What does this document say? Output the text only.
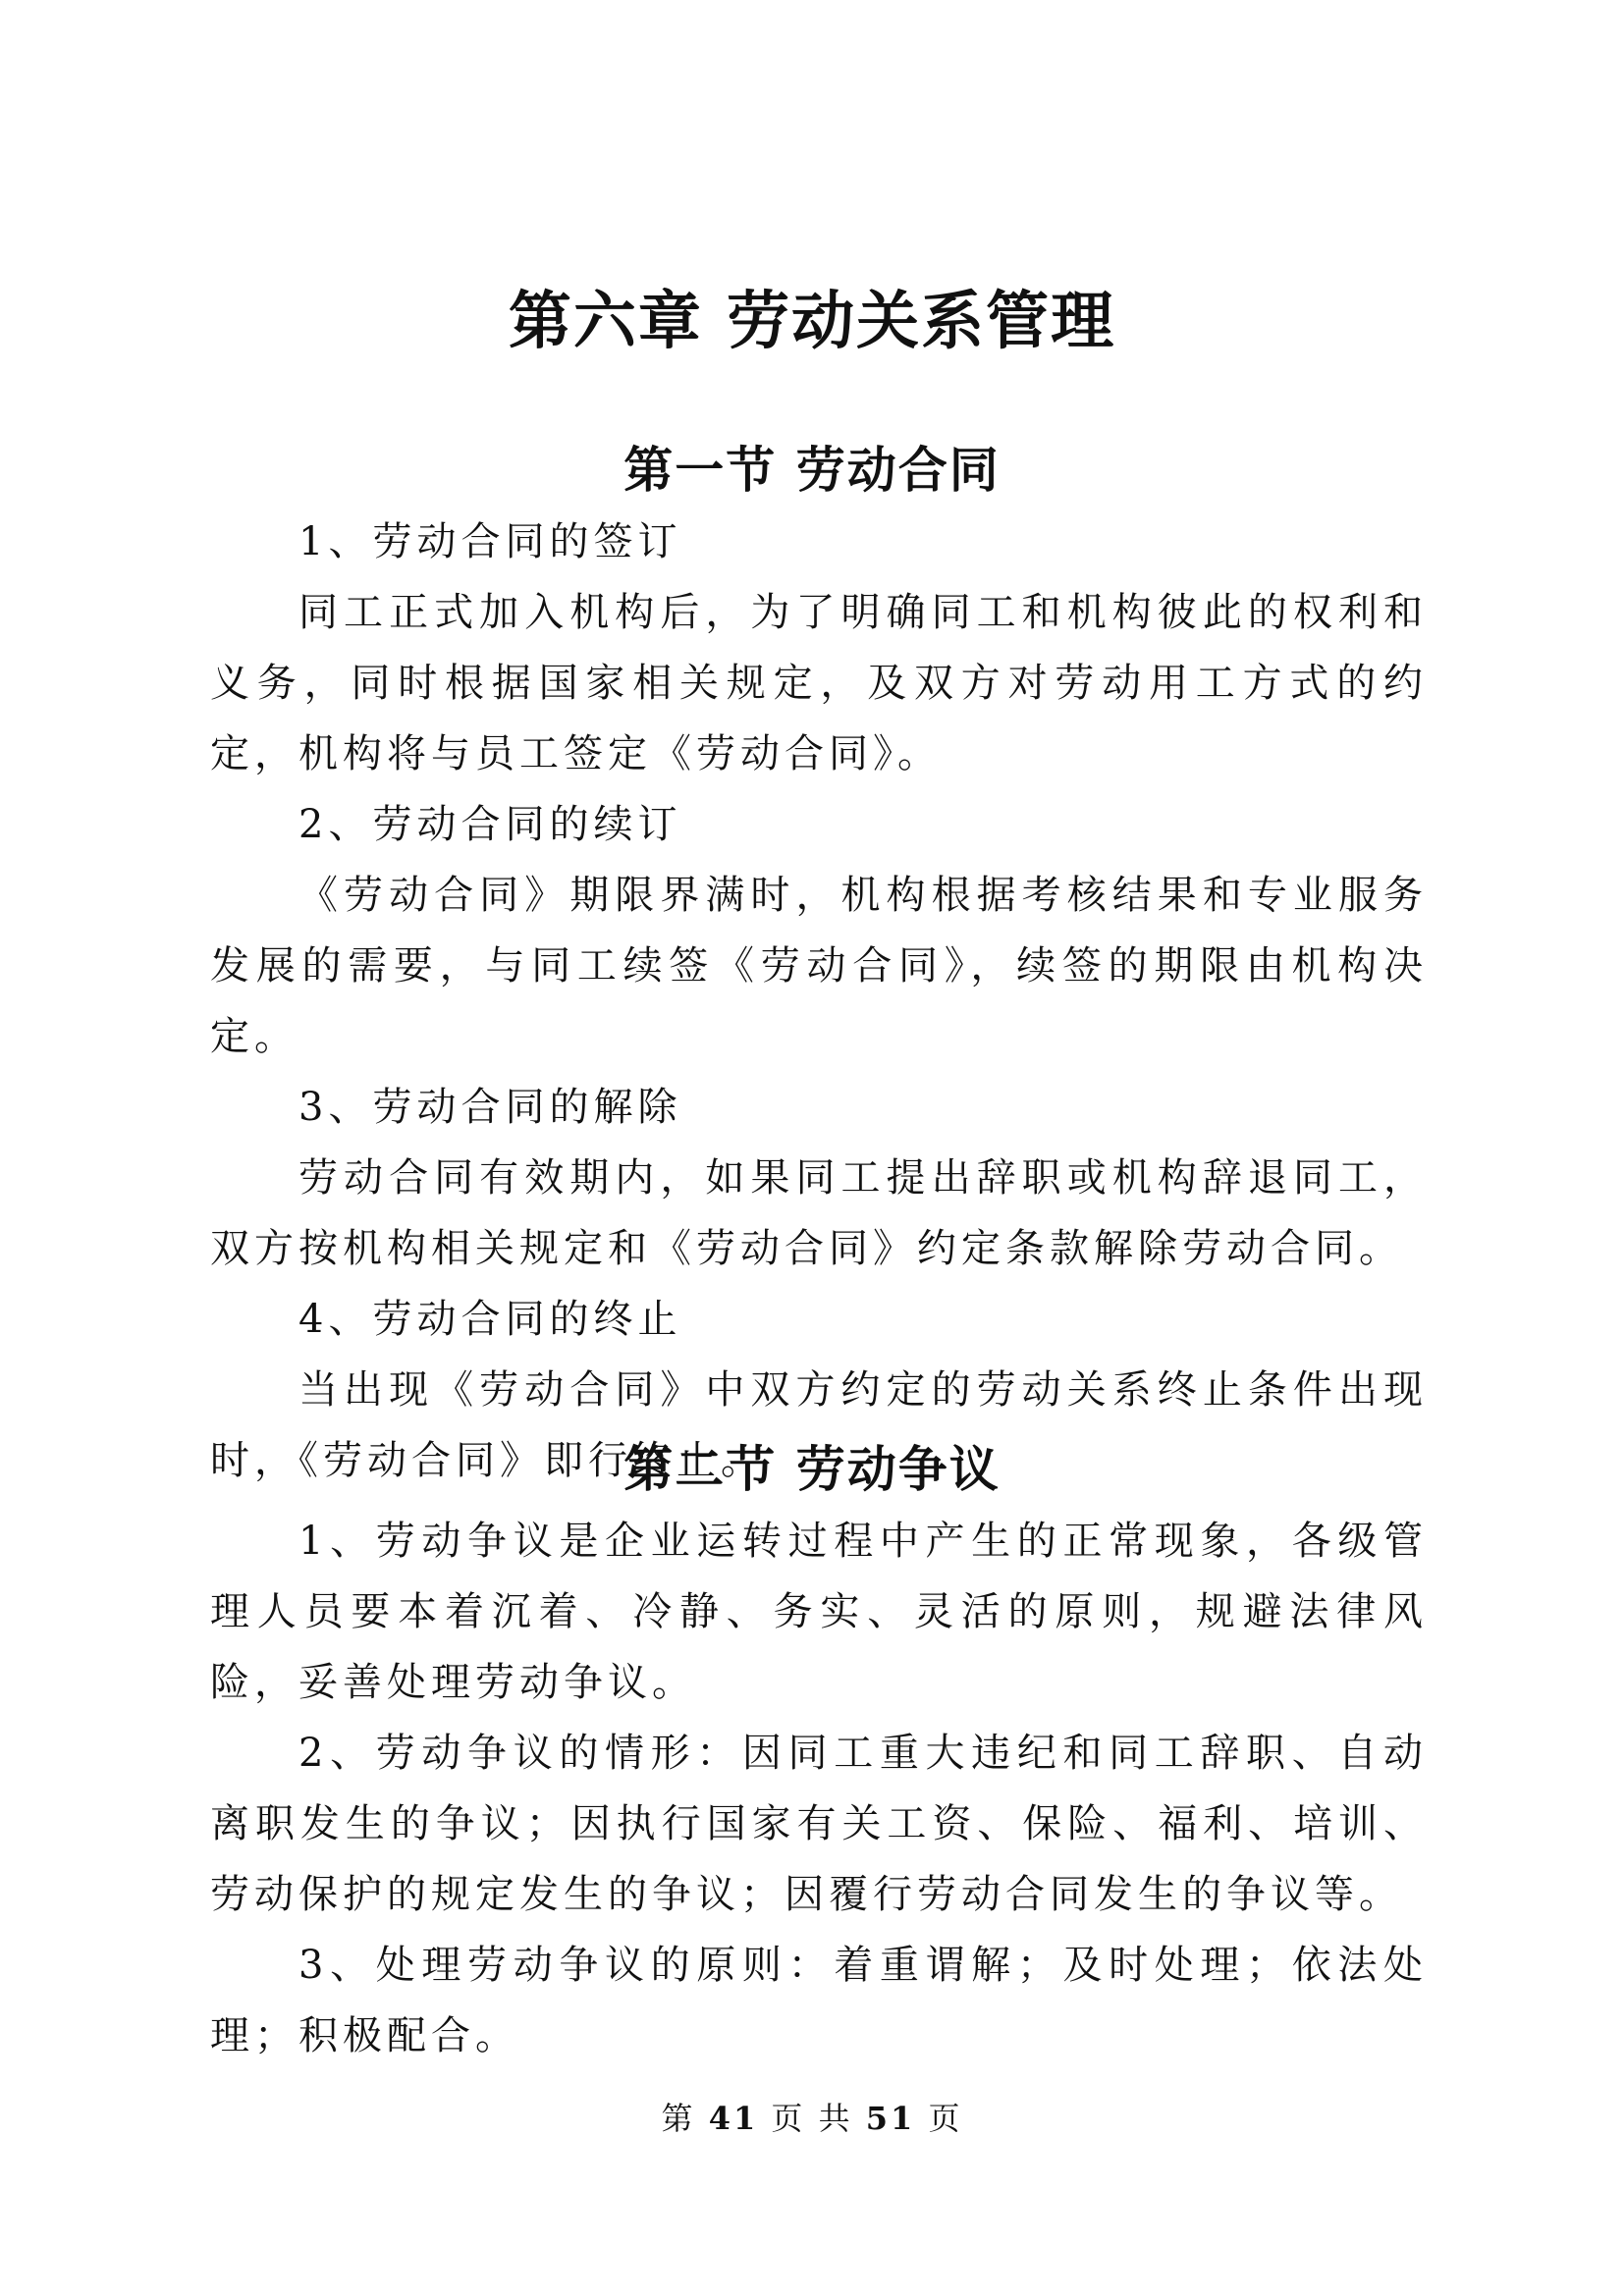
第六章 劳动关系管理
第一节 劳动合同

1、劳动合同的签订

同工正式加入机构后，为了明确同工和机构彼此的权利和义务，同时根据国家相关规定，及双方对劳动用工方式的约定，机构将与员工签定《劳动合同》。

2、劳动合同的续订

《劳动合同》期限界满时，机构根据考核结果和专业服务发展的需要，与同工续签《劳动合同》，续签的期限由机构决定。

3、劳动合同的解除

劳动合同有效期内，如果同工提出辞职或机构辞退同工，双方按机构相关规定和《劳动合同》约定条款解除劳动合同。

4、劳动合同的终止

当出现《劳动合同》中双方约定的劳动关系终止条件出现时，《劳动合同》即行终止。

第二节 劳动争议

1、劳动争议是企业运转过程中产生的正常现象，各级管理人员要本着沉着、冷静、务实、灵活的原则，规避法律风险，妥善处理劳动争议。

2、劳动争议的情形：因同工重大违纪和同工辞职、自动离职发生的争议；因执行国家有关工资、保险、福利、培训、劳动保护的规定发生的争议；因覆行劳动合同发生的争议等。

3、处理劳动争议的原则：着重谓解；及时处理；依法处理；积极配合。

第 41 页 共 51 页
